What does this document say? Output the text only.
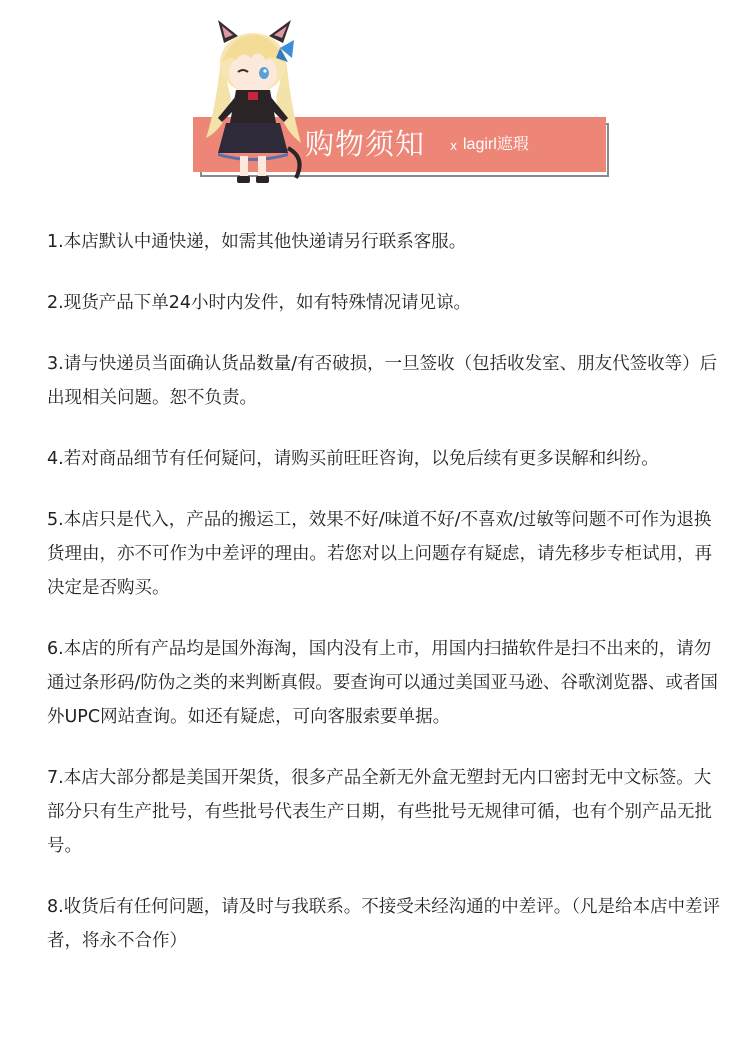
购物须知 x lagirl遮瑕
1.本店默认中通快递，如需其他快递请另行联系客服。
2.现货产品下单24小时内发件，如有特殊情况请见谅。
3.请与快递员当面确认货品数量/有否破损，一旦签收（包括收发室、朋友代签收等）后出现相关问题。恕不负责。
4.若对商品细节有任何疑问，请购买前旺旺咨询，以免后续有更多误解和纠纷。
5.本店只是代入，产品的搬运工，效果不好/味道不好/不喜欢/过敏等问题不可作为退换货理由，亦不可作为中差评的理由。若您对以上问题存有疑虑，请先移步专柜试用，再决定是否购买。
6.本店的所有产品均是国外海淘，国内没有上市，用国内扫描软件是扫不出来的，请勿通过条形码/防伪之类的来判断真假。要查询可以通过美国亚马逊、谷歌浏览器、或者国外UPC网站查询。如还有疑虑，可向客服索要单据。
7.本店大部分都是美国开架货，很多产品全新无外盒无塑封无内口密封无中文标签。大部分只有生产批号，有些批号代表生产日期，有些批号无规律可循，也有个别产品无批号。
8.收货后有任何问题，请及时与我联系。不接受未经沟通的中差评。（凡是给本店中差评者，将永不合作）
